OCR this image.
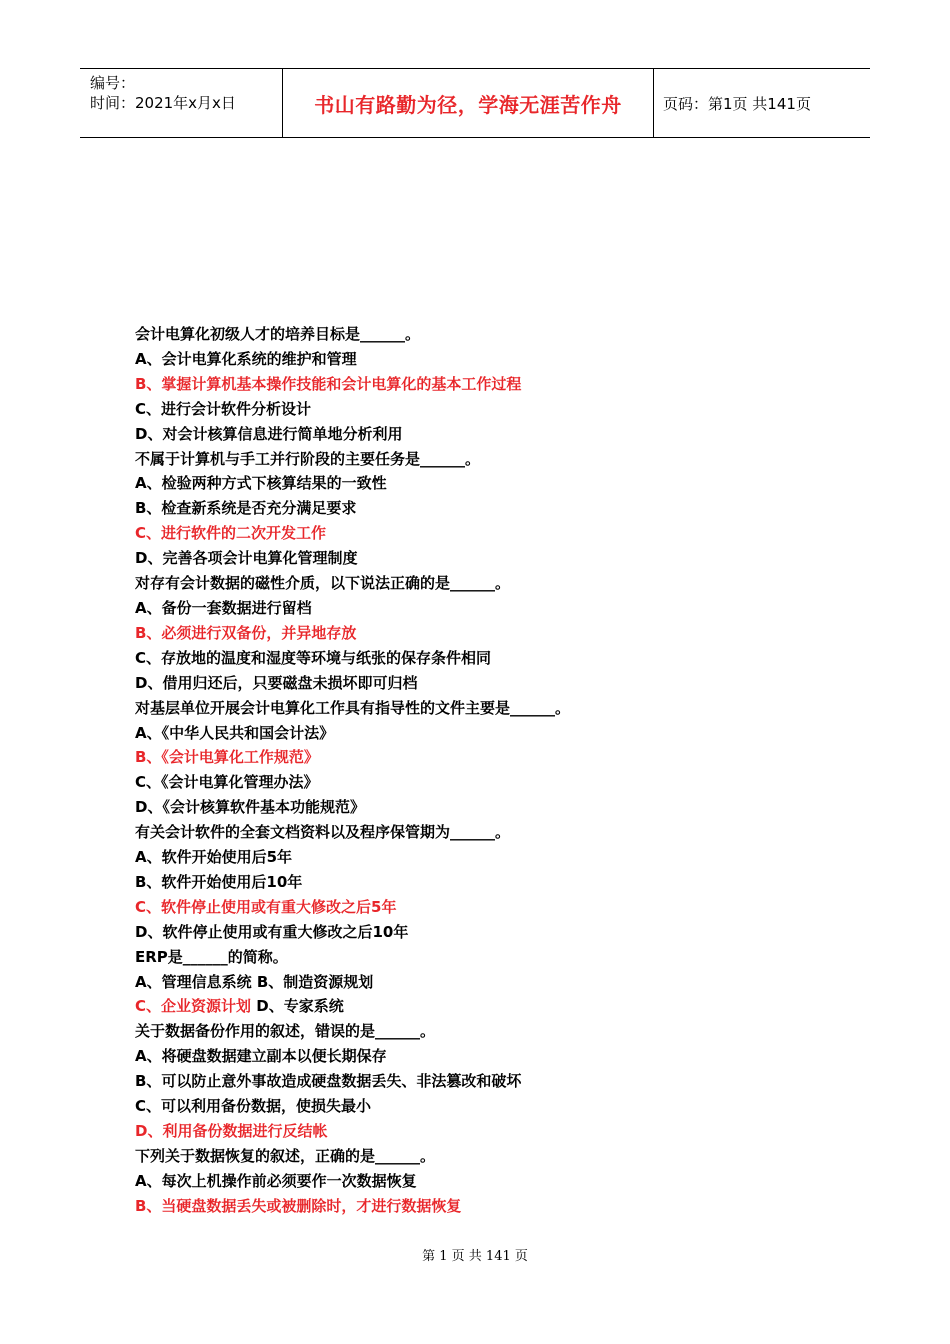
编号：
时间：2021年x月x日	书山有路勤为径，学海无涯苦作舟	页码：第1页 共141页
会计电算化初级人才的培养目标是______。
A、会计电算化系统的维护和管理
B、掌握计算机基本操作技能和会计电算化的基本工作过程
C、进行会计软件分析设计
D、对会计核算信息进行简单地分析利用
不属于计算机与手工并行阶段的主要任务是______。
A、检验两种方式下核算结果的一致性
B、检查新系统是否充分满足要求
C、进行软件的二次开发工作
D、完善各项会计电算化管理制度
对存有会计数据的磁性介质，以下说法正确的是______。
A、备份一套数据进行留档
B、必须进行双备份，并异地存放
C、存放地的温度和湿度等环境与纸张的保存条件相同
D、借用归还后，只要磁盘未损坏即可归档
对基层单位开展会计电算化工作具有指导性的文件主要是______。
A、《中华人民共和国会计法》
B、《会计电算化工作规范》
C、《会计电算化管理办法》
D、《会计核算软件基本功能规范》
有关会计软件的全套文档资料以及程序保管期为______。
A、软件开始使用后5年
B、软件开始使用后10年
C、软件停止使用或有重大修改之后5年
D、软件停止使用或有重大修改之后10年
ERP是______的简称。
A、管理信息系统 B、制造资源规划
C、企业资源计划 D、专家系统
关于数据备份作用的叙述，错误的是______。
A、将硬盘数据建立副本以便长期保存
B、可以防止意外事故造成硬盘数据丢失、非法篡改和破坏
C、可以利用备份数据，使损失最小
D、利用备份数据进行反结帐
下列关于数据恢复的叙述，正确的是______。
A、每次上机操作前必须要作一次数据恢复
B、当硬盘数据丢失或被删除时，才进行数据恢复
第 1 页 共 141 页
